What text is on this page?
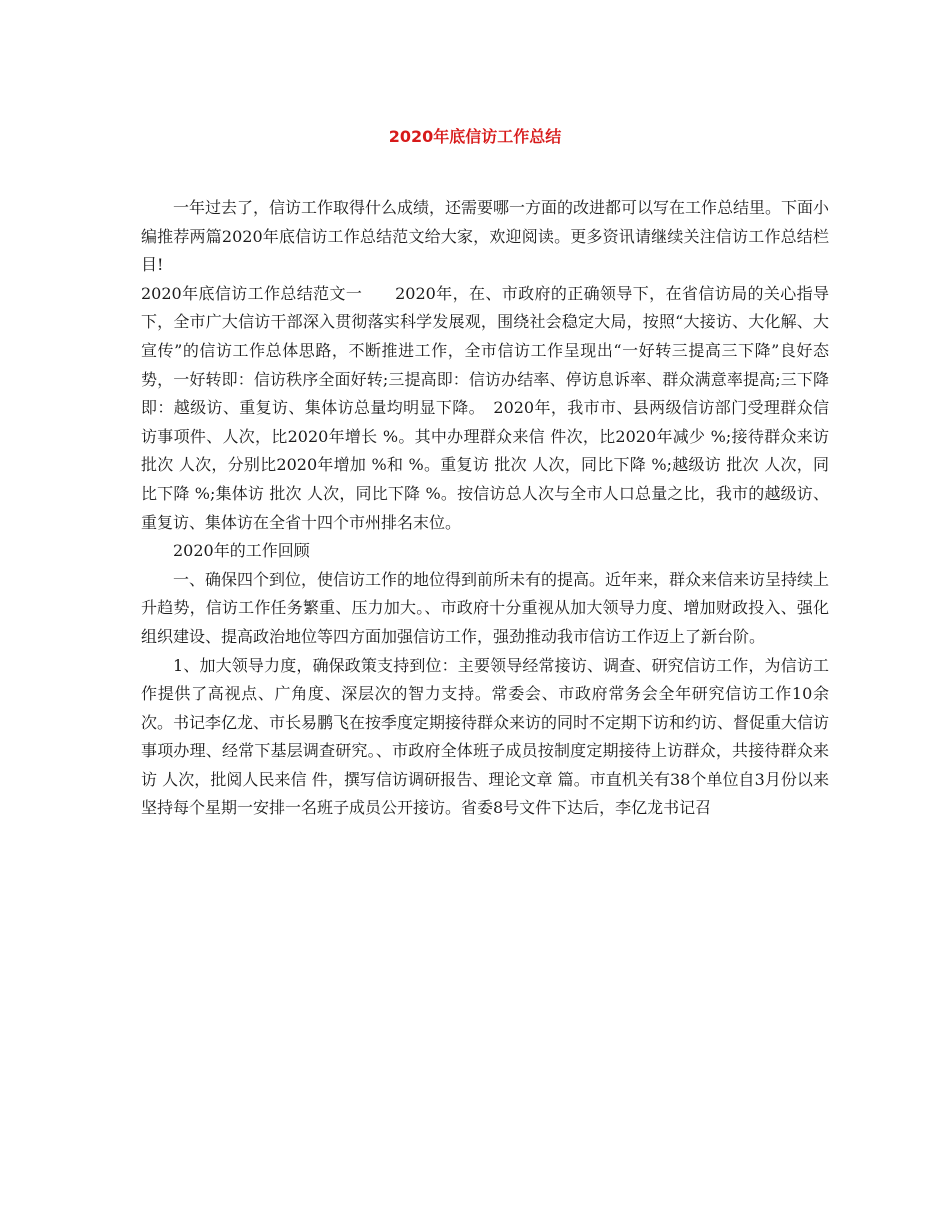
2020年底信访工作总结

一年过去了，信访工作取得什么成绩，还需要哪一方面的改进都可以写在工作总结里。下面小编推荐两篇2020年底信访工作总结范文给大家，欢迎阅读。更多资讯请继续关注信访工作总结栏目!

2020年底信访工作总结范文一　　2020年，在、市政府的正确领导下，在省信访局的关心指导下，全市广大信访干部深入贯彻落实科学发展观，围绕社会稳定大局，按照“大接访、大化解、大宣传”的信访工作总体思路，不断推进工作，全市信访工作呈现出“一好转三提高三下降”良好态势，一好转即：信访秩序全面好转;三提高即：信访办结率、停访息诉率、群众满意率提高;三下降即：越级访、重复访、集体访总量均明显下降。　2020年，我市市、县两级信访部门受理群众信访事项件、人次，比2020年增长 %。其中办理群众来信 件次，比2020年减少 %;接待群众来访 批次 人次，分别比2020年增加 %和 %。重复访 批次 人次，同比下降 %;越级访 批次 人次，同比下降 %;集体访 批次 人次，同比下降 %。按信访总人次与全市人口总量之比，我市的越级访、重复访、集体访在全省十四个市州排名末位。

2020年的工作回顾

一、确保四个到位，使信访工作的地位得到前所未有的提高。近年来，群众来信来访呈持续上升趋势，信访工作任务繁重、压力加大。、市政府十分重视从加大领导力度、增加财政投入、强化组织建设、提高政治地位等四方面加强信访工作，强劲推动我市信访工作迈上了新台阶。

1、加大领导力度，确保政策支持到位：主要领导经常接访、调查、研究信访工作，为信访工作提供了高视点、广角度、深层次的智力支持。常委会、市政府常务会全年研究信访工作10余次。书记李亿龙、市长易鹏飞在按季度定期接待群众来访的同时不定期下访和约访、督促重大信访事项办理、经常下基层调查研究。、市政府全体班子成员按制度定期接待上访群众，共接待群众来访 人次，批阅人民来信 件，撰写信访调研报告、理论文章 篇。市直机关有38个单位自3月份以来坚持每个星期一安排一名班子成员公开接访。省委8号文件下达后，李亿龙书记召
